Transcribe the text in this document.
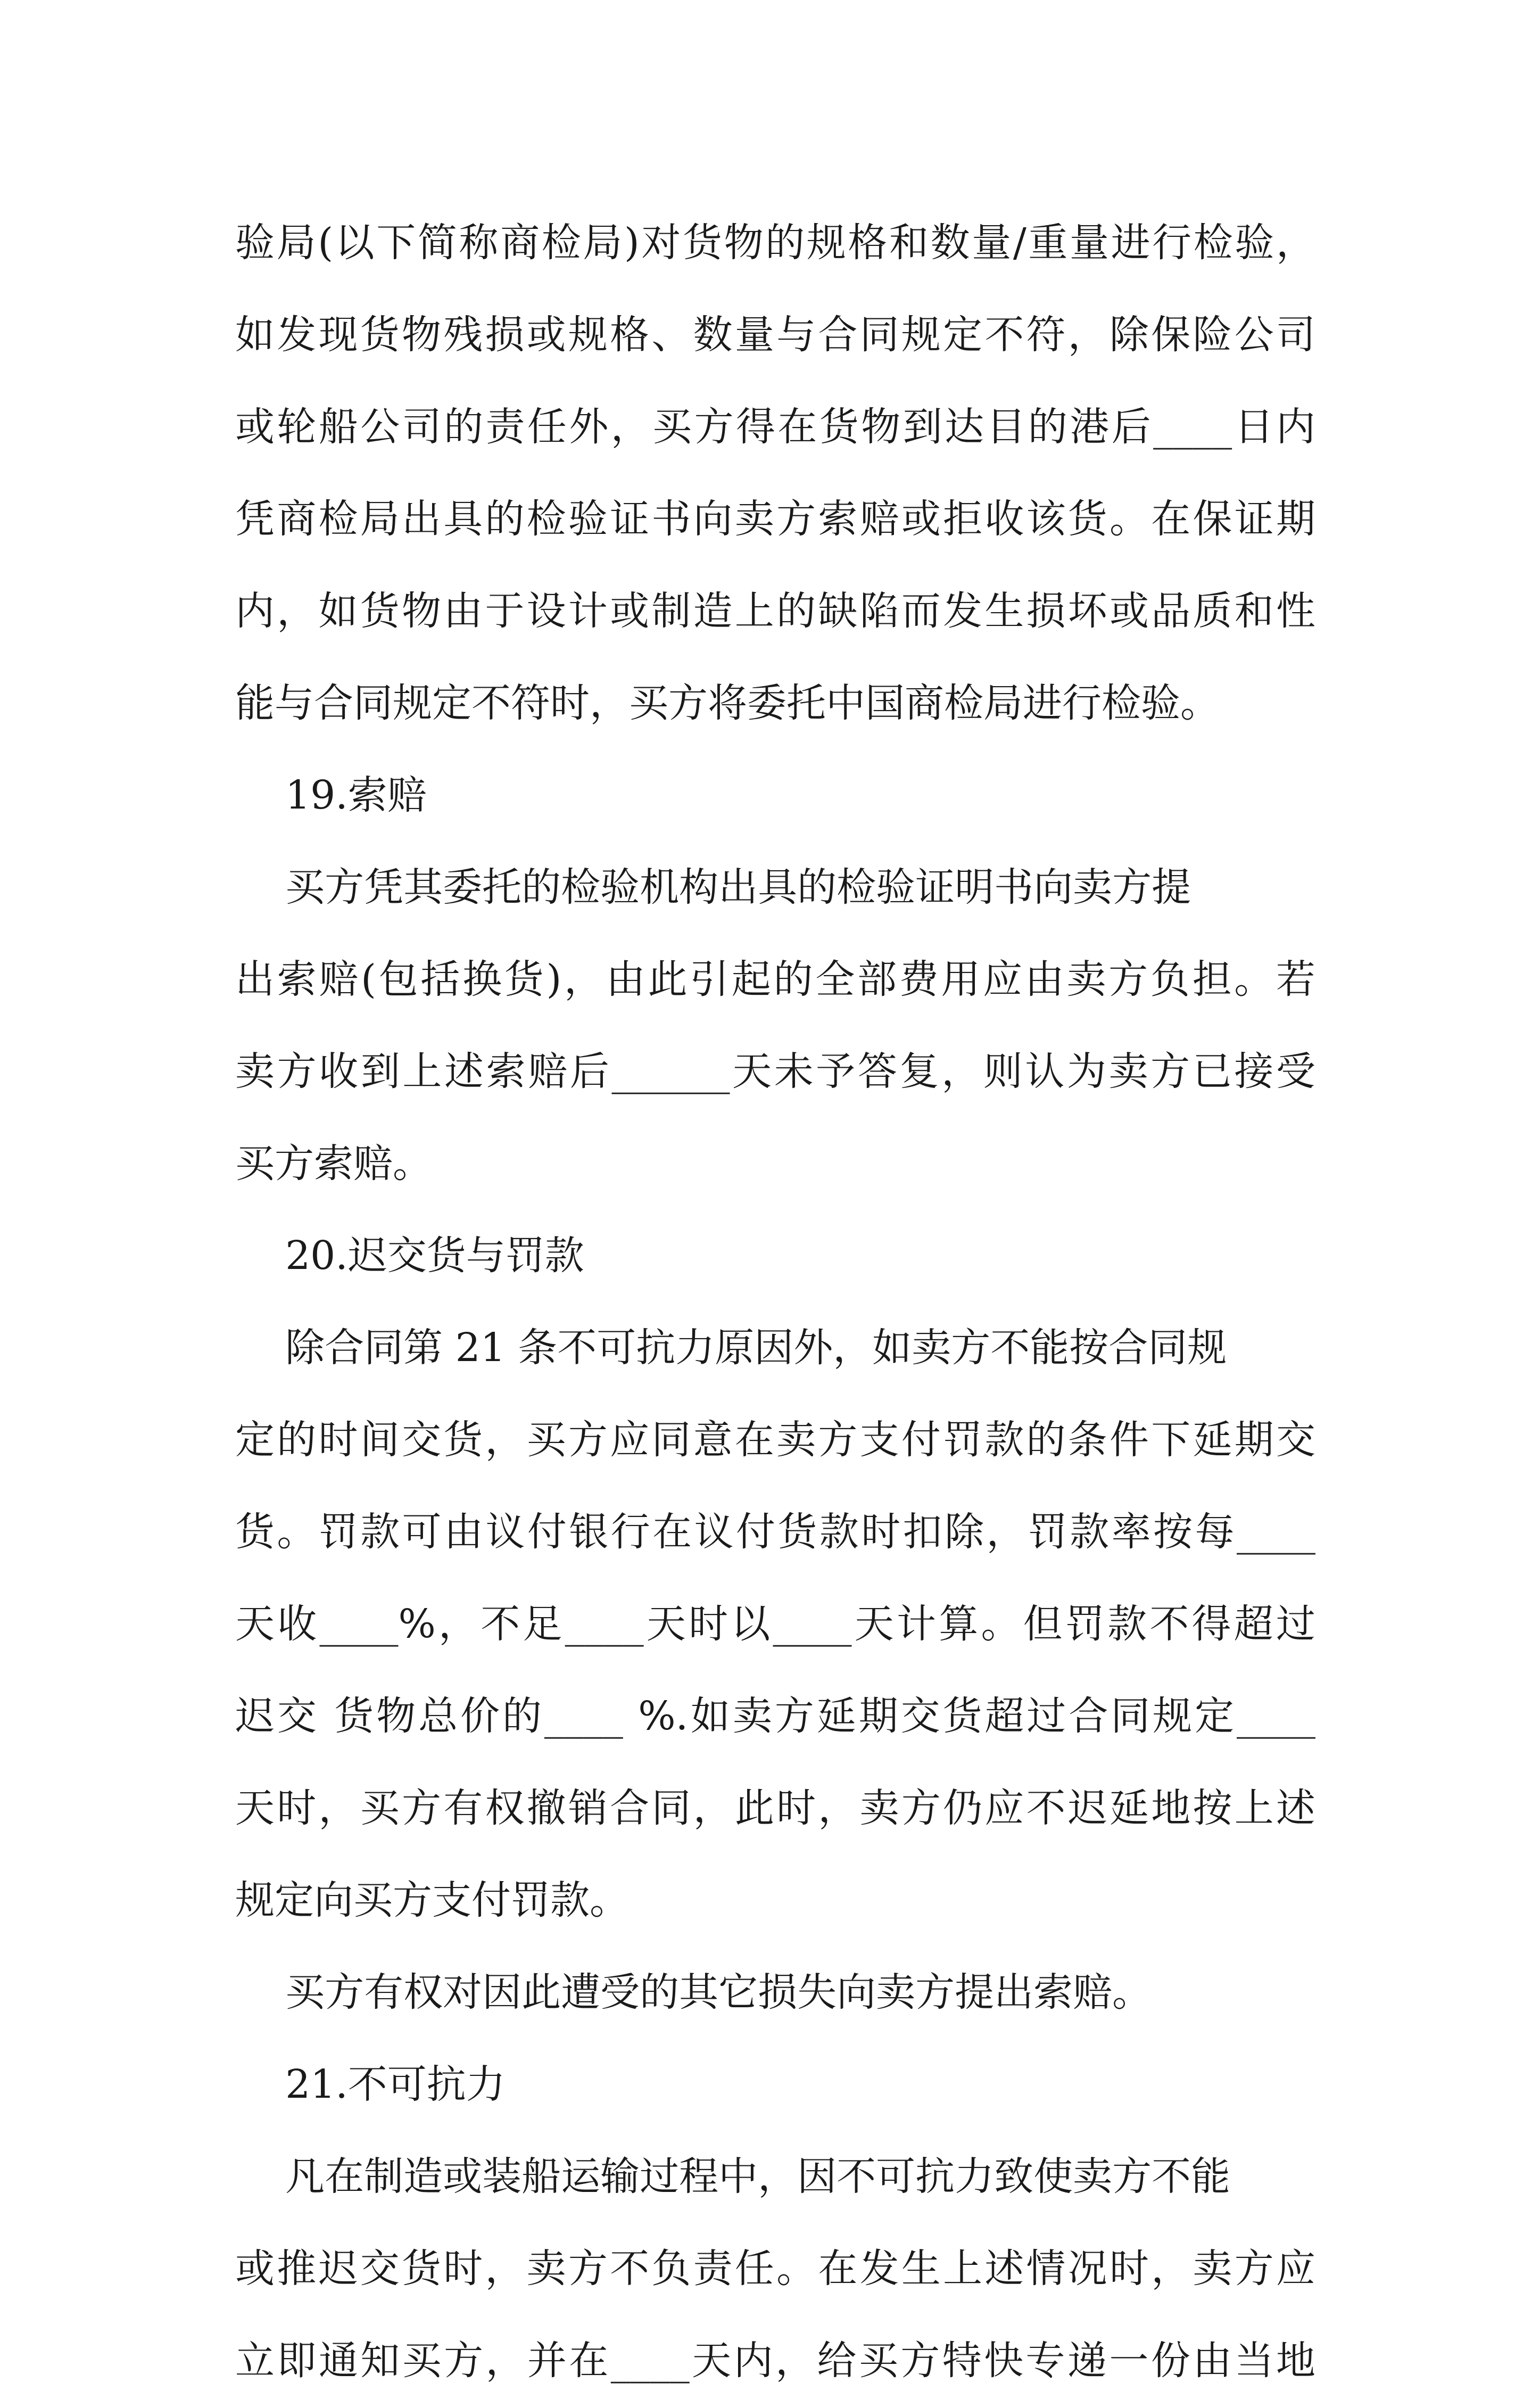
验局(以下简称商检局)对货物的规格和数量/重量进行检验，
如发现货物残损或规格、数量与合同规定不符，除保险公司
或轮船公司的责任外，买方得在货物到达目的港后____日内
凭商检局出具的检验证书向卖方索赔或拒收该货。在保证期
内，如货物由于设计或制造上的缺陷而发生损坏或品质和性
能与合同规定不符时，买方将委托中国商检局进行检验。
19.索赔
买方凭其委托的检验机构出具的检验证明书向卖方提
出索赔(包括换货)，由此引起的全部费用应由卖方负担。若
卖方收到上述索赔后______天未予答复，则认为卖方已接受
买方索赔。
20.迟交货与罚款
除合同第 21 条不可抗力原因外，如卖方不能按合同规
定的时间交货，买方应同意在卖方支付罚款的条件下延期交
货。罚款可由议付银行在议付货款时扣除，罚款率按每____
天收____%，不足____天时以____天计算。但罚款不得超过
迟交 货物总价的____ %.如卖方延期交货超过合同规定____
天时，买方有权撤销合同，此时，卖方仍应不迟延地按上述
规定向买方支付罚款。
买方有权对因此遭受的其它损失向卖方提出索赔。
21.不可抗力
凡在制造或装船运输过程中，因不可抗力致使卖方不能
或推迟交货时，卖方不负责任。在发生上述情况时，卖方应
立即通知买方，并在____天内，给买方特快专递一份由当地
